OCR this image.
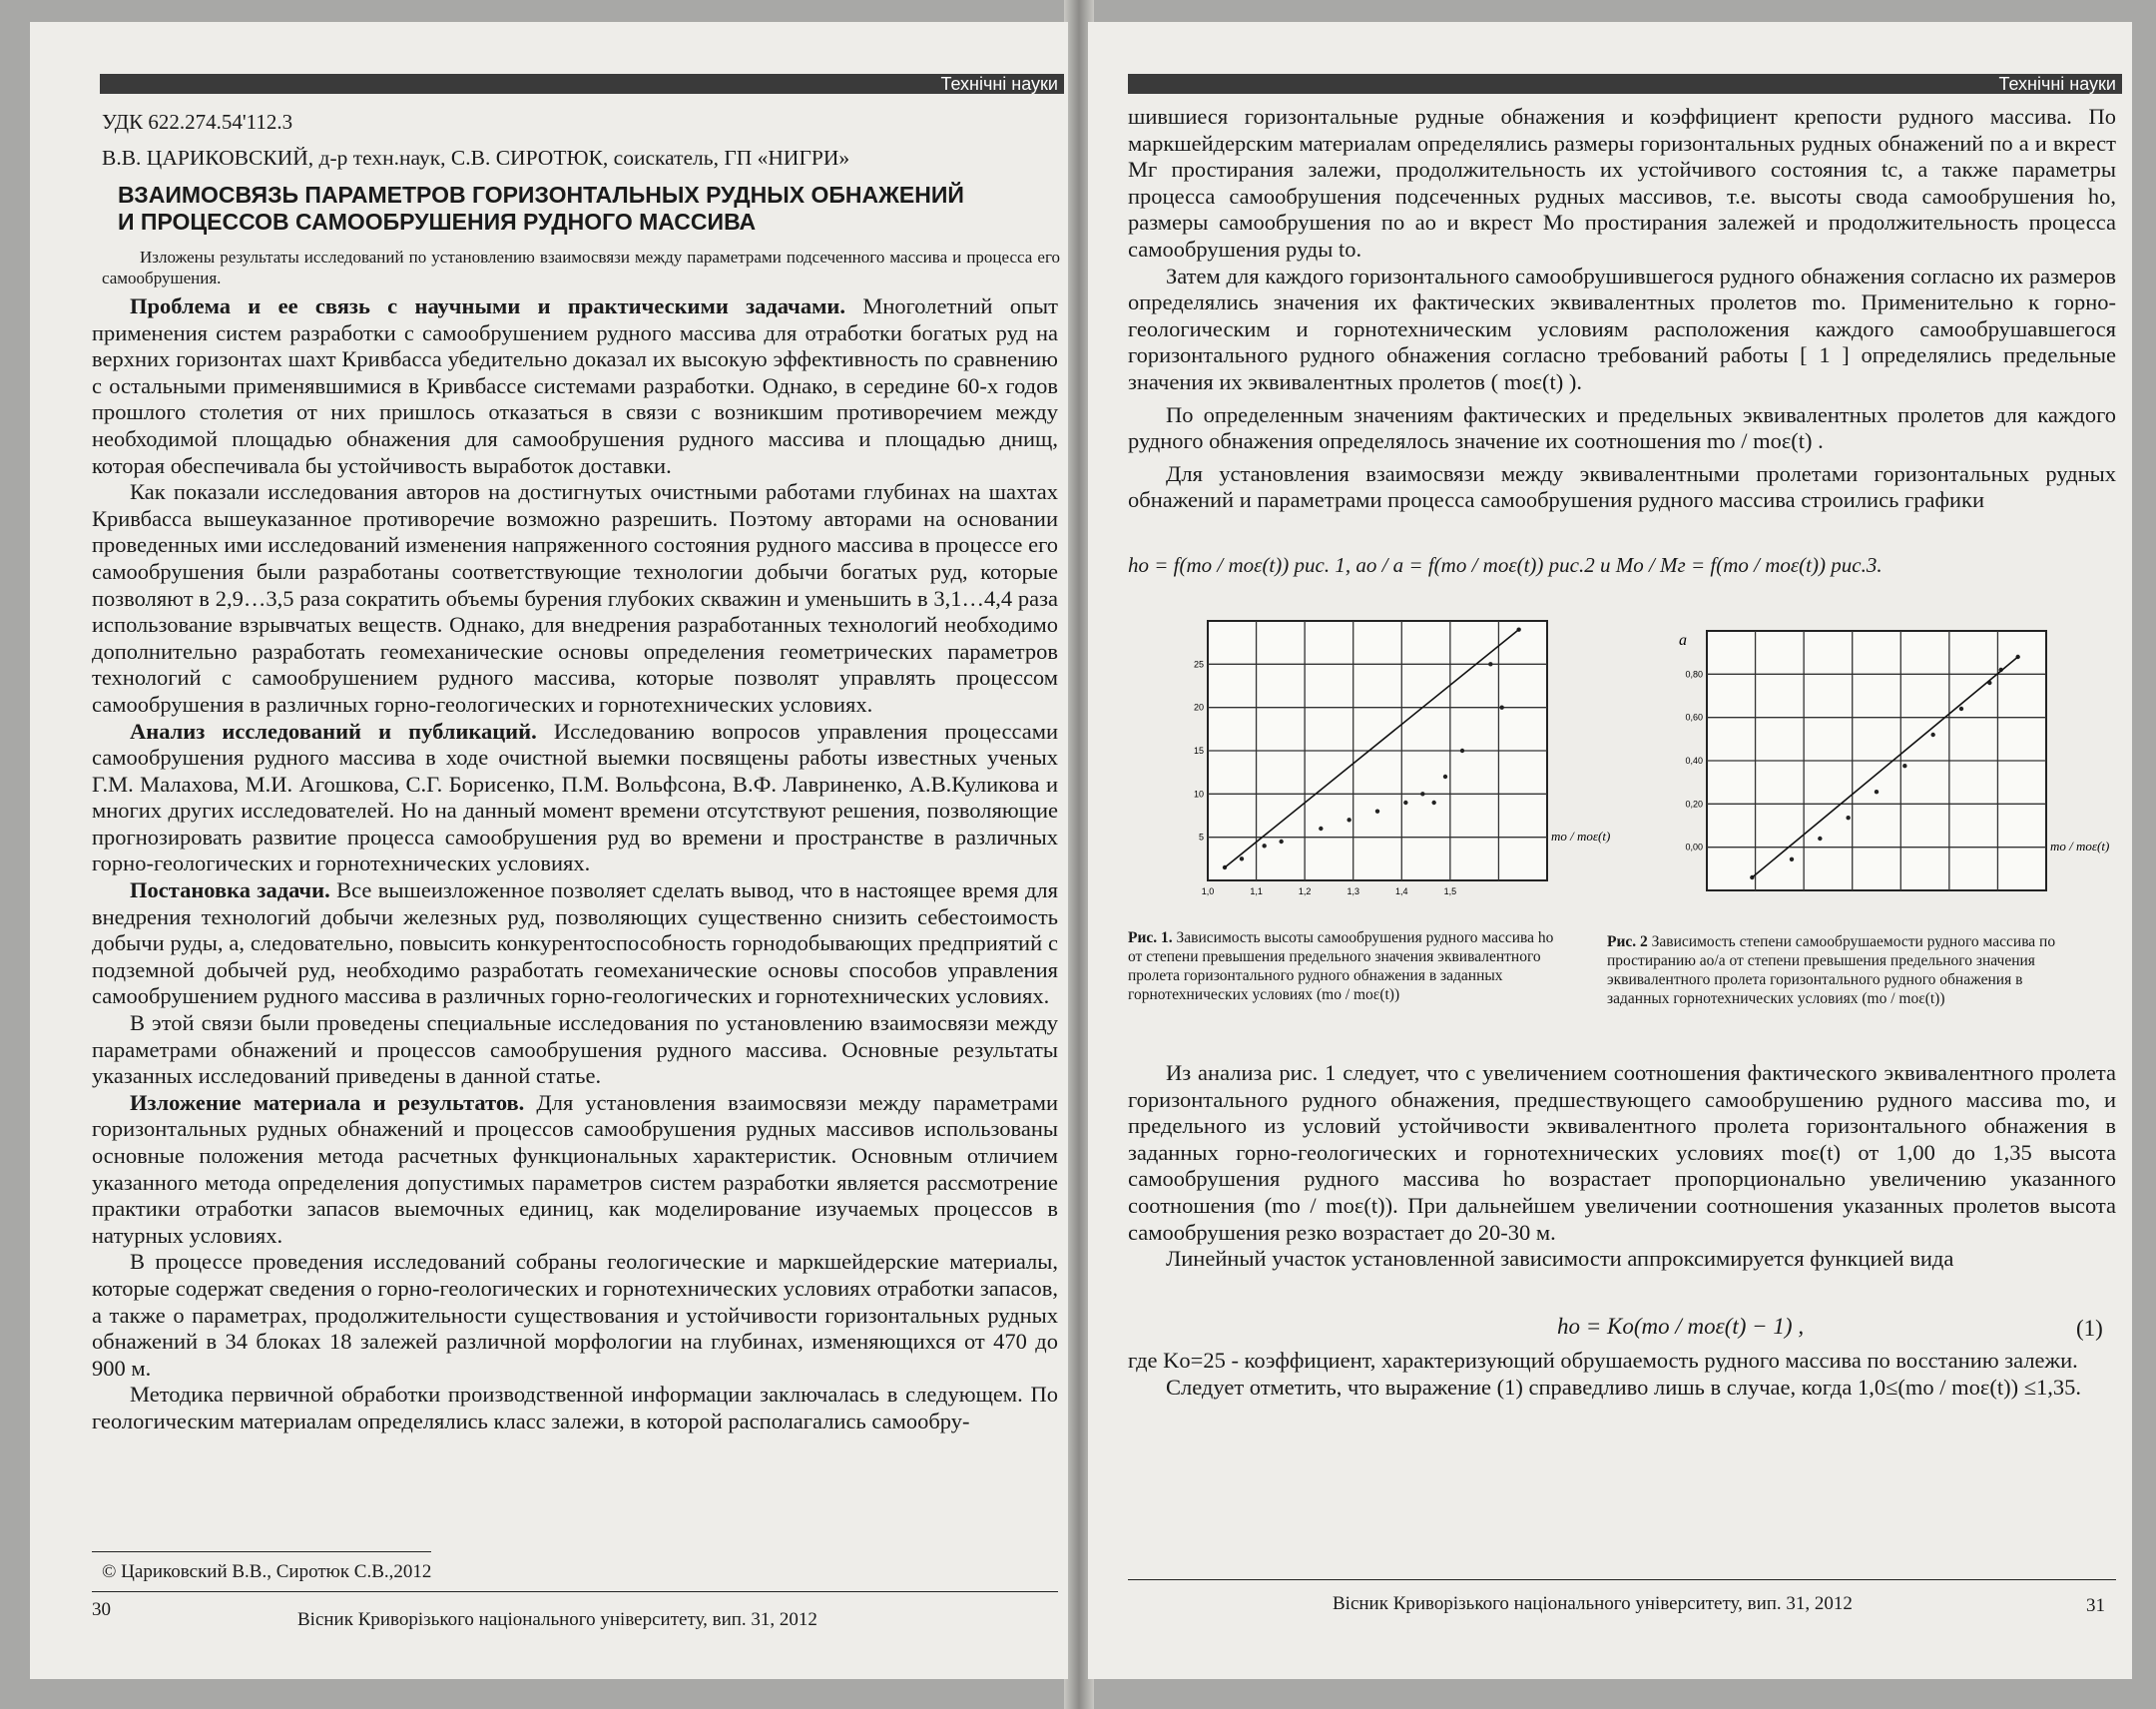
Технічні науки
УДК 622.274.54'112.3
В.В. ЦАРИКОВСКИЙ, д-р техн.наук, С.В. СИРОТЮК, соискатель, ГП «НИГРИ»
ВЗАИМОСВЯЗЬ ПАРАМЕТРОВ ГОРИЗОНТАЛЬНЫХ РУДНЫХ ОБНАЖЕНИЙ
И ПРОЦЕССОВ САМООБРУШЕНИЯ РУДНОГО МАССИВА
Изложены результаты исследований по установлению взаимосвязи между параметрами подсеченного массива и процесса его самообрушения.

Проблема и ее связь с научными и практическими задачами. Многолетний опыт применения систем разработки с самообрушением рудного массива для отработки богатых руд на верхних горизонтах шахт Кривбасса убедительно доказал их высокую эффективность по сравнению с остальными применявшимися в Кривбассе системами разработки. Однако, в середине 60-х годов прошлого столетия от них пришлось отказаться в связи с возникшим противоречием между необходимой площадью обнажения для самообрушения рудного массива и площадью днищ, которая обеспечивала бы устойчивость выработок доставки.

Как показали исследования авторов на достигнутых очистными работами глубинах на шахтах Кривбасса вышеуказанное противоречие возможно разрешить. Поэтому авторами на основании проведенных ими исследований изменения напряженного состояния рудного массива в процессе его самообрушения были разработаны соответствующие технологии добычи богатых руд, которые позволяют в 2,9…3,5 раза сократить объемы бурения глубоких скважин и уменьшить в 3,1…4,4 раза использование взрывчатых веществ. Однако, для внедрения разработанных технологий необходимо дополнительно разработать геомеханические основы определения геометрических параметров технологий с самообрушением рудного массива, которые позволят управлять процессом самообрушения в различных горно-геологических и горнотехнических условиях.

Анализ исследований и публикаций. Исследованию вопросов управления процессами самообрушения рудного массива в ходе очистной выемки посвящены работы известных ученых Г.М. Малахова, М.И. Агошкова, С.Г. Борисенко, П.М. Вольфсона, В.Ф. Лавриненко, А.В.Куликова и многих других исследователей. Но на данный момент времени отсутствуют решения, позволяющие прогнозировать развитие процесса самообрушения руд во времени и пространстве в различных горно-геологических и горнотехнических условиях.

Постановка задачи. Все вышеизложенное позволяет сделать вывод, что в настоящее время для внедрения технологий добычи железных руд, позволяющих существенно снизить себестоимость добычи руды, а, следовательно, повысить конкурентоспособность горнодобывающих предприятий с подземной добычей руд, необходимо разработать геомеханические основы способов управления самообрушением рудного массива в различных горно-геологических и горнотехнических условиях.

В этой связи были проведены специальные исследования по установлению взаимосвязи между параметрами обнажений и процессов самообрушения рудного массива. Основные результаты указанных исследований приведены в данной статье.

Изложение материала и результатов. Для установления взаимосвязи между параметрами горизонтальных рудных обнажений и процессов самообрушения рудных массивов использованы основные положения метода расчетных функциональных характеристик. Основным отличием указанного метода определения допустимых параметров систем разработки является рассмотрение практики отработки запасов выемочных единиц, как моделирование изучаемых процессов в натурных условиях.

В процессе проведения исследований собраны геологические и маркшейдерские материалы, которые содержат сведения о горно-геологических и горнотехнических условиях отработки запасов, а также о параметрах, продолжительности существования и устойчивости горизонтальных рудных обнажений в 34 блоках 18 залежей различной морфологии на глубинах, изменяющихся от 470 до 900 м.

Методика первичной обработки производственной информации заключалась в следующем. По геологическим материалам определялись класс залежи, в которой располагались самообру-

© Цариковский В.В., Сиротюк С.В.,2012
30	Вісник Криворізького національного університету, вип. 31, 2012
Технічні науки

шившиеся горизонтальные рудные обнажения и коэффициент крепости рудного массива. По маркшейдерским материалам определялись размеры горизонтальных рудных обнажений по a и вкрест Mг простирания залежи, продолжительность их устойчивого состояния tc, а также параметры процесса самообрушения подсеченных рудных массивов, т.е. высоты свода самообрушения ho, размеры самообрушения по ao и вкрест Mo простирания залежей и продолжительность процесса самообрушения руды to.

Затем для каждого горизонтального самообрушившегося рудного обнажения согласно их размеров определялись значения их фактических эквивалентных пролетов mo. Применительно к горно-геологическим и горнотехническим условиям расположения каждого самообрушавшегося горизонтального рудного обнажения согласно требований работы [ 1 ] определялись предельные значения их эквивалентных пролетов ( mоε(t) ).

По определенным значениям фактических и предельных эквивалентных пролетов для каждого рудного обнажения определялось значение их соотношения mo / mоε(t) .

Для установления взаимосвязи между эквивалентными пролетами горизонтальных рудных обнажений и параметрами процесса самообрушения рудного массива строились графики

ho = f(mo / mоε(t)) рис. 1, ao / a = f(mo / mоε(t)) рис.2 и Mo / Mг = f(mo / mоε(t)) рис.3.
1,0	1,1	1,2	1,3	1,4	1,5
5
10
15
20
25
mo / mоε(t)
0,00
0,20
0,40
0,60
0,80
mo / mоε(t)
a
Рис. 1. Зависимость высоты самообрушения рудного массива ho от степени превышения предельного значения эквивалентного пролета горизонтального рудного обнажения в заданных горнотехнических условиях (mo / mоε(t))
Рис. 2 Зависимость степени самообрушаемости рудного массива по простиранию ao/a от степени превышения предельного значения эквивалентного пролета горизонтального рудного обнажения в заданных горнотехнических условиях (mo / mоε(t))

Из анализа рис. 1 следует, что с увеличением соотношения фактического эквивалентного пролета горизонтального рудного обнажения, предшествующего самообрушению рудного массива mo, и предельного из условий устойчивости эквивалентного пролета горизонтального обнажения в заданных горно-геологических и горнотехнических условиях mоε(t) от 1,00 до 1,35 высота самообрушения рудного массива ho возрастает пропорционально увеличению указанного соотношения (mo / mоε(t)). При дальнейшем увеличении соотношения указанных пролетов высота самообрушения резко возрастает до 20-30 м.

Линейный участок установленной зависимости аппроксимируется функцией вида

ho = Ko(mo / mоε(t) − 1) ,	(1)

где Ko=25 - коэффициент, характеризующий обрушаемость рудного массива по восстанию залежи.

Следует отметить, что выражение (1) справедливо лишь в случае, когда 1,0≤(mo / mоε(t)) ≤1,35.

Вісник Криворізького національного університету, вип. 31, 2012	31
